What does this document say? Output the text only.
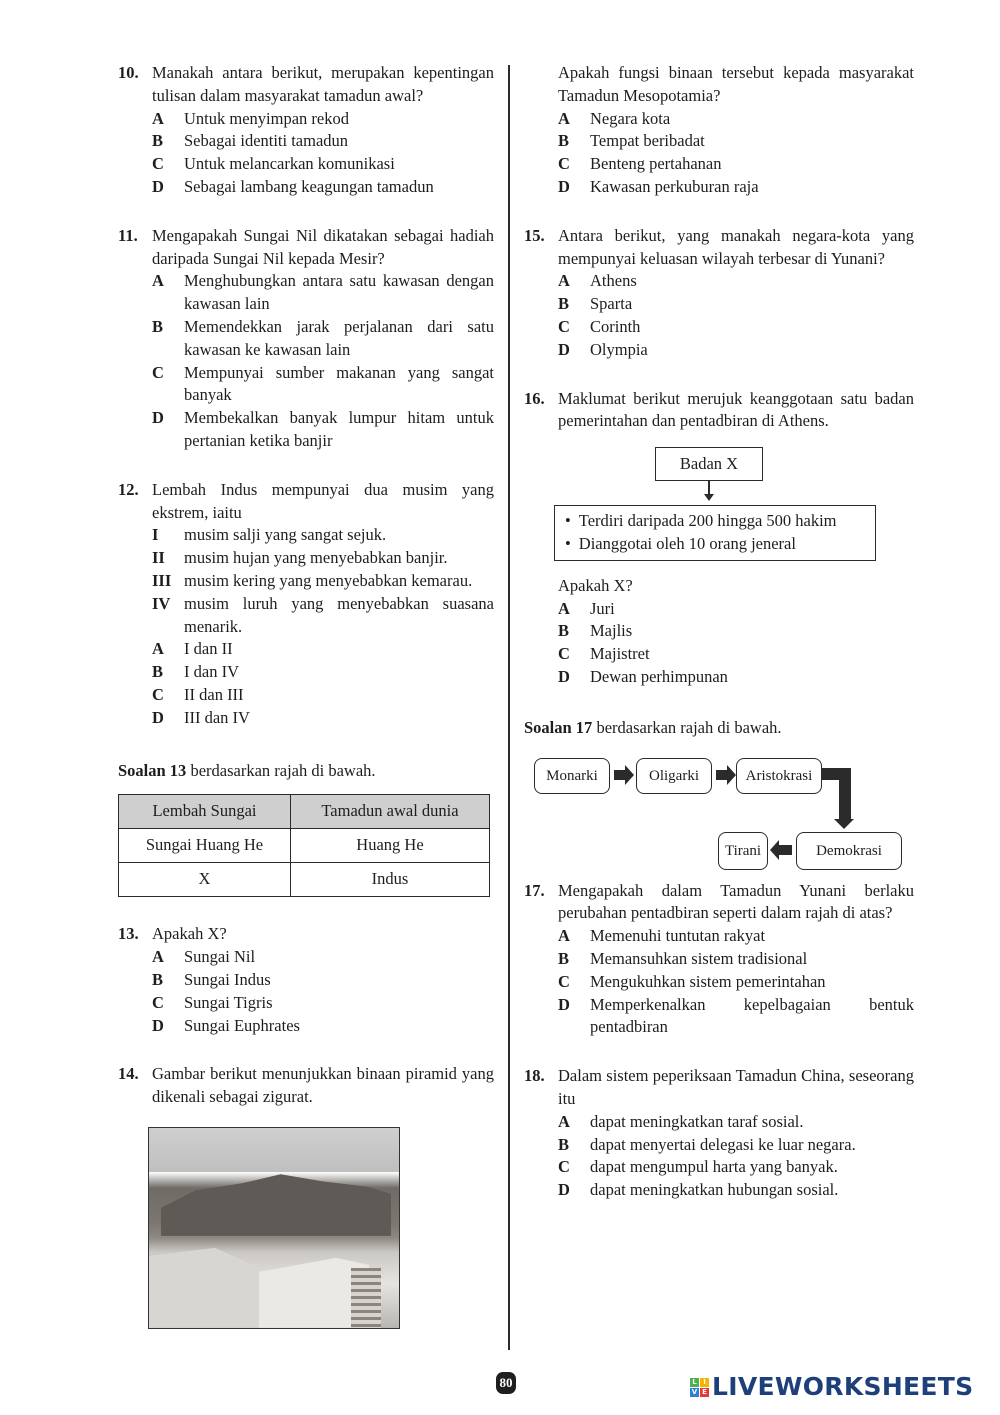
10. Manakah antara berikut, merupakan kepentingan tulisan dalam masyarakat tamadun awal?
A Untuk menyimpan rekod
B Sebagai identiti tamadun
C Untuk melancarkan komunikasi
D Sebagai lambang keagungan tamadun
11. Mengapakah Sungai Nil dikatakan sebagai hadiah daripada Sungai Nil kepada Mesir?
A Menghubungkan antara satu kawasan dengan kawasan lain
B Memendekkan jarak perjalanan dari satu kawasan ke kawasan lain
C Mempunyai sumber makanan yang sangat banyak
D Membekalkan banyak lumpur hitam untuk pertanian ketika banjir
12. Lembah Indus mempunyai dua musim yang ekstrem, iaitu
I musim salji yang sangat sejuk.
II musim hujan yang menyebabkan banjir.
III musim kering yang menyebabkan kemarau.
IV musim luruh yang menyebabkan suasana menarik.
A I dan II
B I dan IV
C II dan III
D III dan IV
Soalan 13 berdasarkan rajah di bawah.
Lembah Sungai	Tamadun awal dunia
Sungai Huang He	Huang He
X	Indus
13. Apakah X?
A Sungai Nil
B Sungai Indus
C Sungai Tigris
D Sungai Euphrates
14. Gambar berikut menunjukkan binaan piramid yang dikenali sebagai zigurat.
Apakah fungsi binaan tersebut kepada masyarakat Tamadun Mesopotamia?
A Negara kota
B Tempat beribadat
C Benteng pertahanan
D Kawasan perkuburan raja
15. Antara berikut, yang manakah negara-kota yang mempunyai keluasan wilayah terbesar di Yunani?
A Athens
B Sparta
C Corinth
D Olympia
16. Maklumat berikut merujuk keanggotaan satu badan pemerintahan dan pentadbiran di Athens.
Badan X
• Terdiri daripada 200 hingga 500 hakim
• Dianggotai oleh 10 orang jeneral
Apakah X?
A Juri
B Majlis
C Majistret
D Dewan perhimpunan
Soalan 17 berdasarkan rajah di bawah.
Monarki	Oligarki	Aristokrasi
Demokrasi
Tirani
17. Mengapakah dalam Tamadun Yunani berlaku perubahan pentadbiran seperti dalam rajah di atas?
A Memenuhi tuntutan rakyat
B Memansuhkan sistem tradisional
C Mengukuhkan sistem pemerintahan
D Memperkenalkan kepelbagaian bentuk pentadbiran
18. Dalam sistem peperiksaan Tamadun China, seseorang itu
A dapat meningkatkan taraf sosial.
B dapat menyertai delegasi ke luar negara.
C dapat mengumpul harta yang banyak.
D dapat meningkatkan hubungan sosial.
80	L I
V E LIVEWORKSHEETS
